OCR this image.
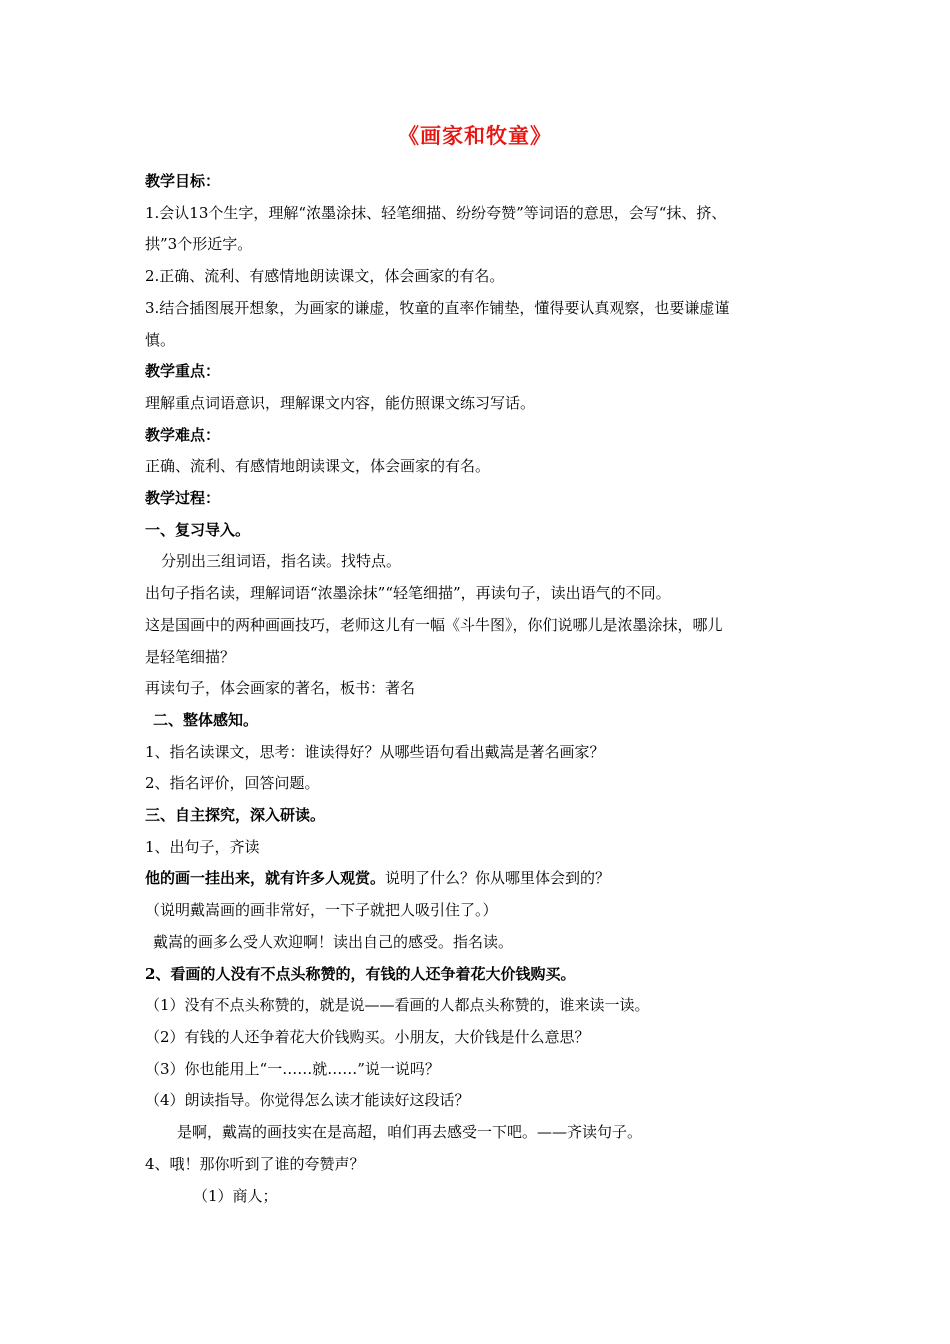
《画家和牧童》
教学目标：
1.会认13个生字，理解“浓墨涂抹、轻笔细描、纷纷夸赞”等词语的意思，会写“抹、挤、
拱”3个形近字。
2.正确、流利、有感情地朗读课文，体会画家的有名。
3.结合插图展开想象，为画家的谦虚，牧童的直率作铺垫，懂得要认真观察，也要谦虚谨
慎。
教学重点：
理解重点词语意识，理解课文内容，能仿照课文练习写话。
教学难点：
正确、流利、有感情地朗读课文，体会画家的有名。
教学过程：
一、复习导入。
分别出三组词语，指名读。找特点。
出句子指名读，理解词语“浓墨涂抹”“轻笔细描”，再读句子，读出语气的不同。
这是国画中的两种画画技巧，老师这儿有一幅《斗牛图》，你们说哪儿是浓墨涂抹，哪儿
是轻笔细描？
再读句子，体会画家的著名，板书：著名
二、整体感知。
1、指名读课文，思考：谁读得好？从哪些语句看出戴嵩是著名画家？
2、指名评价，回答问题。
三、自主探究，深入研读。
1、出句子，齐读
他的画一挂出来，就有许多人观赏。说明了什么？你从哪里体会到的？
（说明戴嵩画的画非常好，一下子就把人吸引住了。）
戴嵩的画多么受人欢迎啊！读出自己的感受。指名读。
2、看画的人没有不点头称赞的，有钱的人还争着花大价钱购买。
（1）没有不点头称赞的，就是说——看画的人都点头称赞的，谁来读一读。
（2）有钱的人还争着花大价钱购买。小朋友，大价钱是什么意思？
（3）你也能用上“一……就……”说一说吗？
（4）朗读指导。你觉得怎么读才能读好这段话？
是啊，戴嵩的画技实在是高超，咱们再去感受一下吧。——齐读句子。
4、哦！那你听到了谁的夸赞声？
（1）商人；
